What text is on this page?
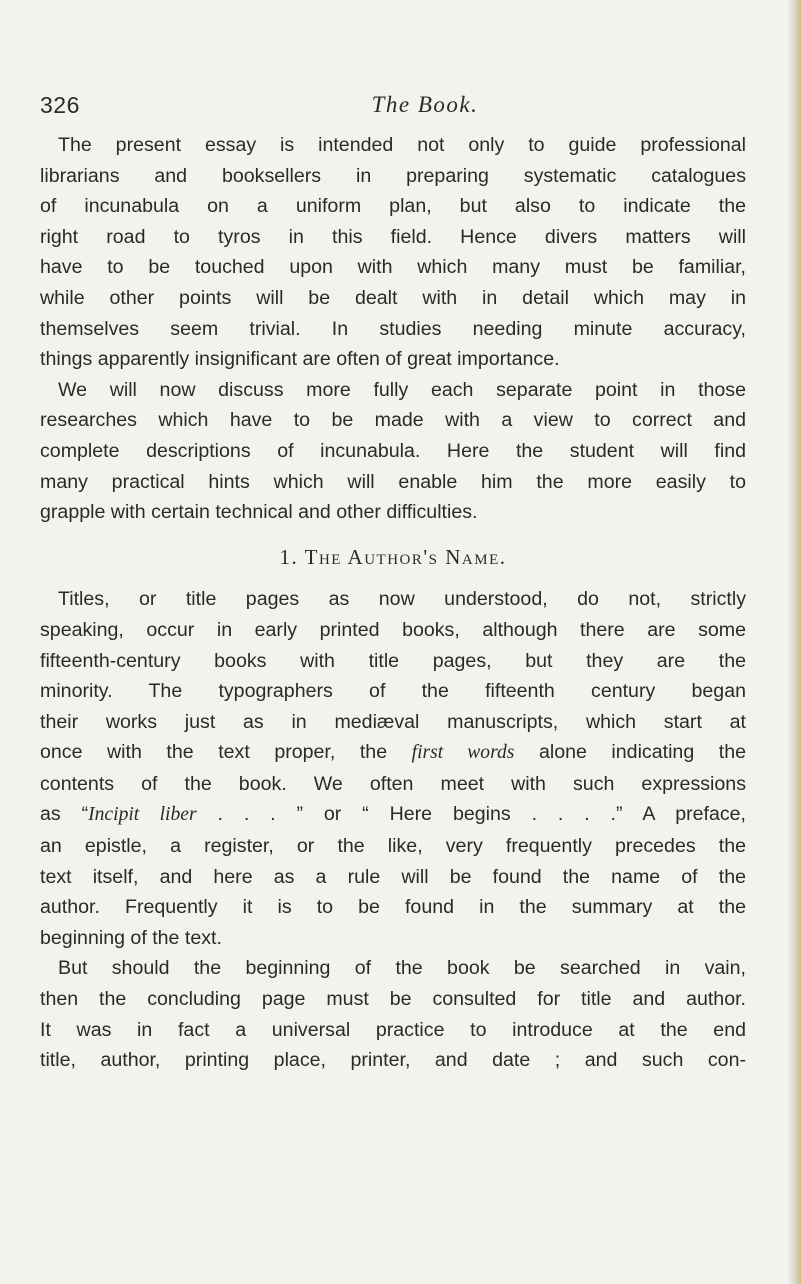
326	The Book.
The present essay is intended not only to guide professional
librarians and booksellers in preparing systematic catalogues
of incunabula on a uniform plan, but also to indicate the
right road to tyros in this field. Hence divers matters will
have to be touched upon with which many must be familiar,
while other points will be dealt with in detail which may in
themselves seem trivial. In studies needing minute accuracy,
things apparently insignificant are often of great importance.
We will now discuss more fully each separate point in those
researches which have to be made with a view to correct and
complete descriptions of incunabula. Here the student will find
many practical hints which will enable him the more easily to
grapple with certain technical and other difficulties.
1. The Author's Name.
Titles, or title pages as now understood, do not, strictly
speaking, occur in early printed books, although there are some
fifteenth-century books with title pages, but they are the
minority. The typographers of the fifteenth century began
their works just as in mediæval manuscripts, which start at
once with the text proper, the first words alone indicating the
contents of the book. We often meet with such expressions
as “Incipit liber . . . ” or “ Here begins . . . .” A preface,
an epistle, a register, or the like, very frequently precedes the
text itself, and here as a rule will be found the name of the
author. Frequently it is to be found in the summary at the
beginning of the text.
But should the beginning of the book be searched in vain,
then the concluding page must be consulted for title and author.
It was in fact a universal practice to introduce at the end
title, author, printing place, printer, and date ; and such con-
